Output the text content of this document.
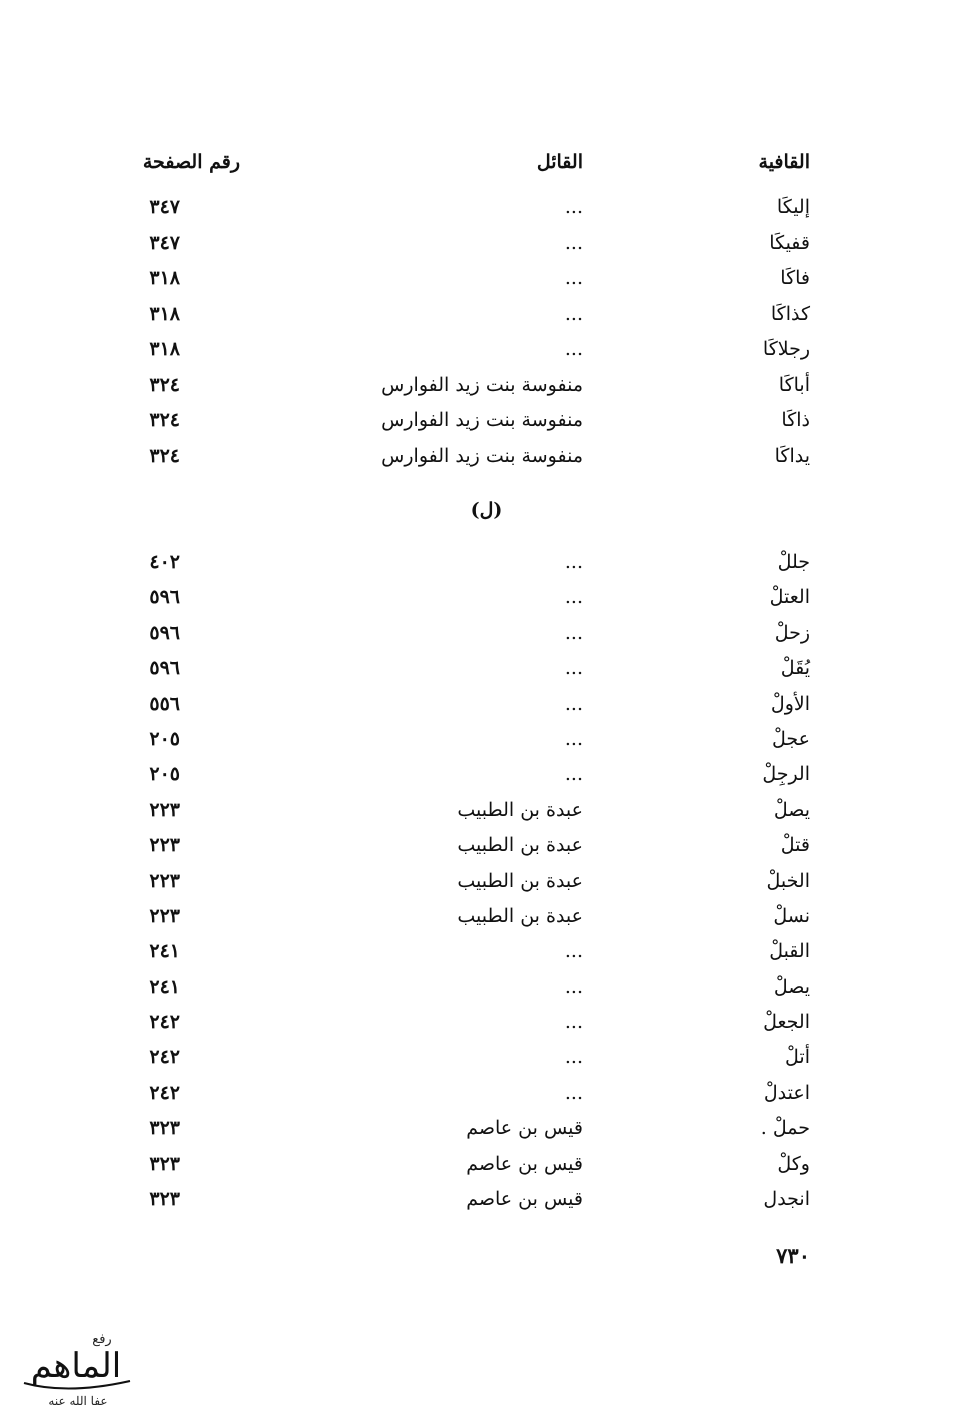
القافية
القائل
رقم الصفحة
إليكَا
...
٣٤٧
قفيكَا
...
٣٤٧
فاكَا
...
٣١٨
كذاكَا
...
٣١٨
رجلاكَا
...
٣١٨
أباكَا
منفوسة بنت زيد الفوارس
٣٢٤
ذاكَا
منفوسة بنت زيد الفوارس
٣٢٤
يداكَا
منفوسة بنت زيد الفوارس
٣٢٤
(ل)
جللْ
...
٤٠٢
العتلْ
...
٥٩٦
زحلْ
...
٥٩٦
يُقَلْ
...
٥٩٦
الأولْ
...
٥٥٦
عجلْ
...
٢٠٥
الرجِلْ
...
٢٠٥
يصلْ
عبدة بن الطبيب
٢٢٣
قتلْ
عبدة بن الطبيب
٢٢٣
الخبلْ
عبدة بن الطبيب
٢٢٣
نسلْ
عبدة بن الطبيب
٢٢٣
القبلْ
...
٢٤١
يصلْ
...
٢٤١
الجعلْ
...
٢٤٢
أتلْ
...
٢٤٢
اعتدلْ
...
٢٤٢
حملْ .
قيس بن عاصم
٣٢٣
وكلْ
قيس بن عاصم
٣٢٣
انجدل
قيس بن عاصم
٣٢٣
٧٣٠
رفع
الماهم
عفا الله عنه
